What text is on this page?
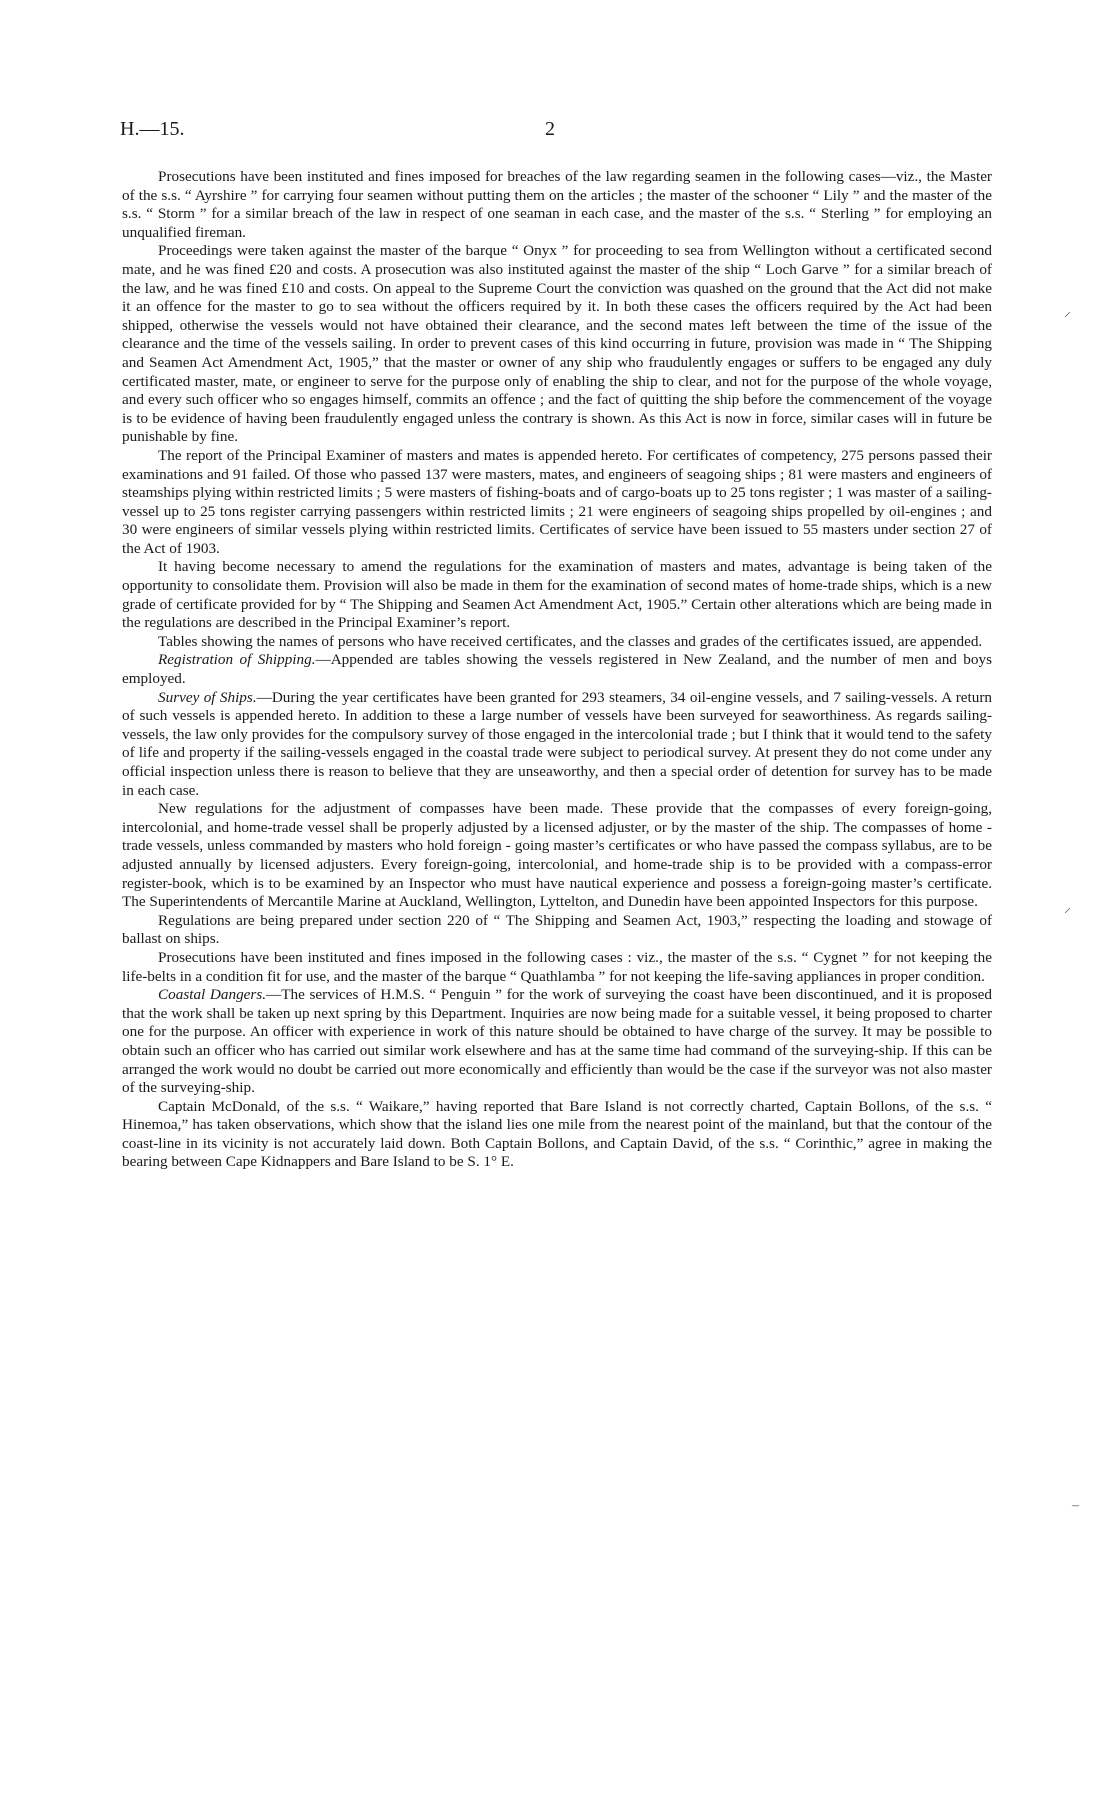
H.—15.	2

Prosecutions have been instituted and fines imposed for breaches of the law regarding seamen in the following cases—viz., the Master of the s.s. “ Ayrshire ” for carrying four seamen without putting them on the articles ; the master of the schooner “ Lily ” and the master of the s.s. “ Storm ” for a similar breach of the law in respect of one seaman in each case, and the master of the s.s. “ Sterling ” for employing an unqualified fireman.

Proceedings were taken against the master of the barque “ Onyx ” for proceeding to sea from Wellington without a certificated second mate, and he was fined £20 and costs. A prosecution was also instituted against the master of the ship “ Loch Garve ” for a similar breach of the law, and he was fined £10 and costs. On appeal to the Supreme Court the conviction was quashed on the ground that the Act did not make it an offence for the master to go to sea without the officers required by it. In both these cases the officers required by the Act had been shipped, otherwise the vessels would not have obtained their clearance, and the second mates left between the time of the issue of the clearance and the time of the vessels sailing. In order to prevent cases of this kind occurring in future, provision was made in “ The Shipping and Seamen Act Amendment Act, 1905,” that the master or owner of any ship who fraudulently engages or suffers to be engaged any duly certificated master, mate, or engineer to serve for the purpose only of enabling the ship to clear, and not for the purpose of the whole voyage, and every such officer who so engages himself, commits an offence ; and the fact of quitting the ship before the commencement of the voyage is to be evidence of having been fraudulently engaged unless the contrary is shown. As this Act is now in force, similar cases will in future be punishable by fine.

The report of the Principal Examiner of masters and mates is appended hereto. For certificates of competency, 275 persons passed their examinations and 91 failed. Of those who passed 137 were masters, mates, and engineers of seagoing ships ; 81 were masters and engineers of steamships plying within restricted limits ; 5 were masters of fishing-boats and of cargo-boats up to 25 tons register ; 1 was master of a sailing-vessel up to 25 tons register carrying passengers within restricted limits ; 21 were engineers of seagoing ships propelled by oil-engines ; and 30 were engineers of similar vessels plying within restricted limits. Certificates of service have been issued to 55 masters under section 27 of the Act of 1903.

It having become necessary to amend the regulations for the examination of masters and mates, advantage is being taken of the opportunity to consolidate them. Provision will also be made in them for the examination of second mates of home-trade ships, which is a new grade of certificate provided for by “ The Shipping and Seamen Act Amendment Act, 1905.” Certain other alterations which are being made in the regulations are described in the Principal Examiner’s report.

Tables showing the names of persons who have received certificates, and the classes and grades of the certificates issued, are appended.

Registration of Shipping.—Appended are tables showing the vessels registered in New Zealand, and the number of men and boys employed.

Survey of Ships.—During the year certificates have been granted for 293 steamers, 34 oil-engine vessels, and 7 sailing-vessels. A return of such vessels is appended hereto. In addition to these a large number of vessels have been surveyed for seaworthiness. As regards sailing-vessels, the law only provides for the compulsory survey of those engaged in the intercolonial trade ; but I think that it would tend to the safety of life and property if the sailing-vessels engaged in the coastal trade were subject to periodical survey. At present they do not come under any official inspection unless there is reason to believe that they are unseaworthy, and then a special order of detention for survey has to be made in each case.

New regulations for the adjustment of compasses have been made. These provide that the compasses of every foreign-going, intercolonial, and home-trade vessel shall be properly adjusted by a licensed adjuster, or by the master of the ship. The compasses of home - trade vessels, unless commanded by masters who hold foreign - going master’s certificates or who have passed the compass syllabus, are to be adjusted annually by licensed adjusters. Every foreign-going, intercolonial, and home-trade ship is to be provided with a compass-error register-book, which is to be examined by an Inspector who must have nautical experience and possess a foreign-going master’s certificate. The Superintendents of Mercantile Marine at Auckland, Wellington, Lyttelton, and Dunedin have been appointed Inspectors for this purpose.

Regulations are being prepared under section 220 of “ The Shipping and Seamen Act, 1903,” respecting the loading and stowage of ballast on ships.

Prosecutions have been instituted and fines imposed in the following cases : viz., the master of the s.s. “ Cygnet ” for not keeping the life-belts in a condition fit for use, and the master of the barque “ Quathlamba ” for not keeping the life-saving appliances in proper condition.

Coastal Dangers.—The services of H.M.S. “ Penguin ” for the work of surveying the coast have been discontinued, and it is proposed that the work shall be taken up next spring by this Department. Inquiries are now being made for a suitable vessel, it being proposed to charter one for the purpose. An officer with experience in work of this nature should be obtained to have charge of the survey. It may be possible to obtain such an officer who has carried out similar work elsewhere and has at the same time had command of the surveying-ship. If this can be arranged the work would no doubt be carried out more economically and efficiently than would be the case if the surveyor was not also master of the surveying-ship.

Captain McDonald, of the s.s. “ Waikare,” having reported that Bare Island is not correctly charted, Captain Bollons, of the s.s. “ Hinemoa,” has taken observations, which show that the island lies one mile from the nearest point of the mainland, but that the contour of the coast-line in its vicinity is not accurately laid down. Both Captain Bollons, and Captain David, of the s.s. “ Corinthic,” agree in making the bearing between Cape Kidnappers and Bare Island to be S. 1° E.

⸝
⸝
–
